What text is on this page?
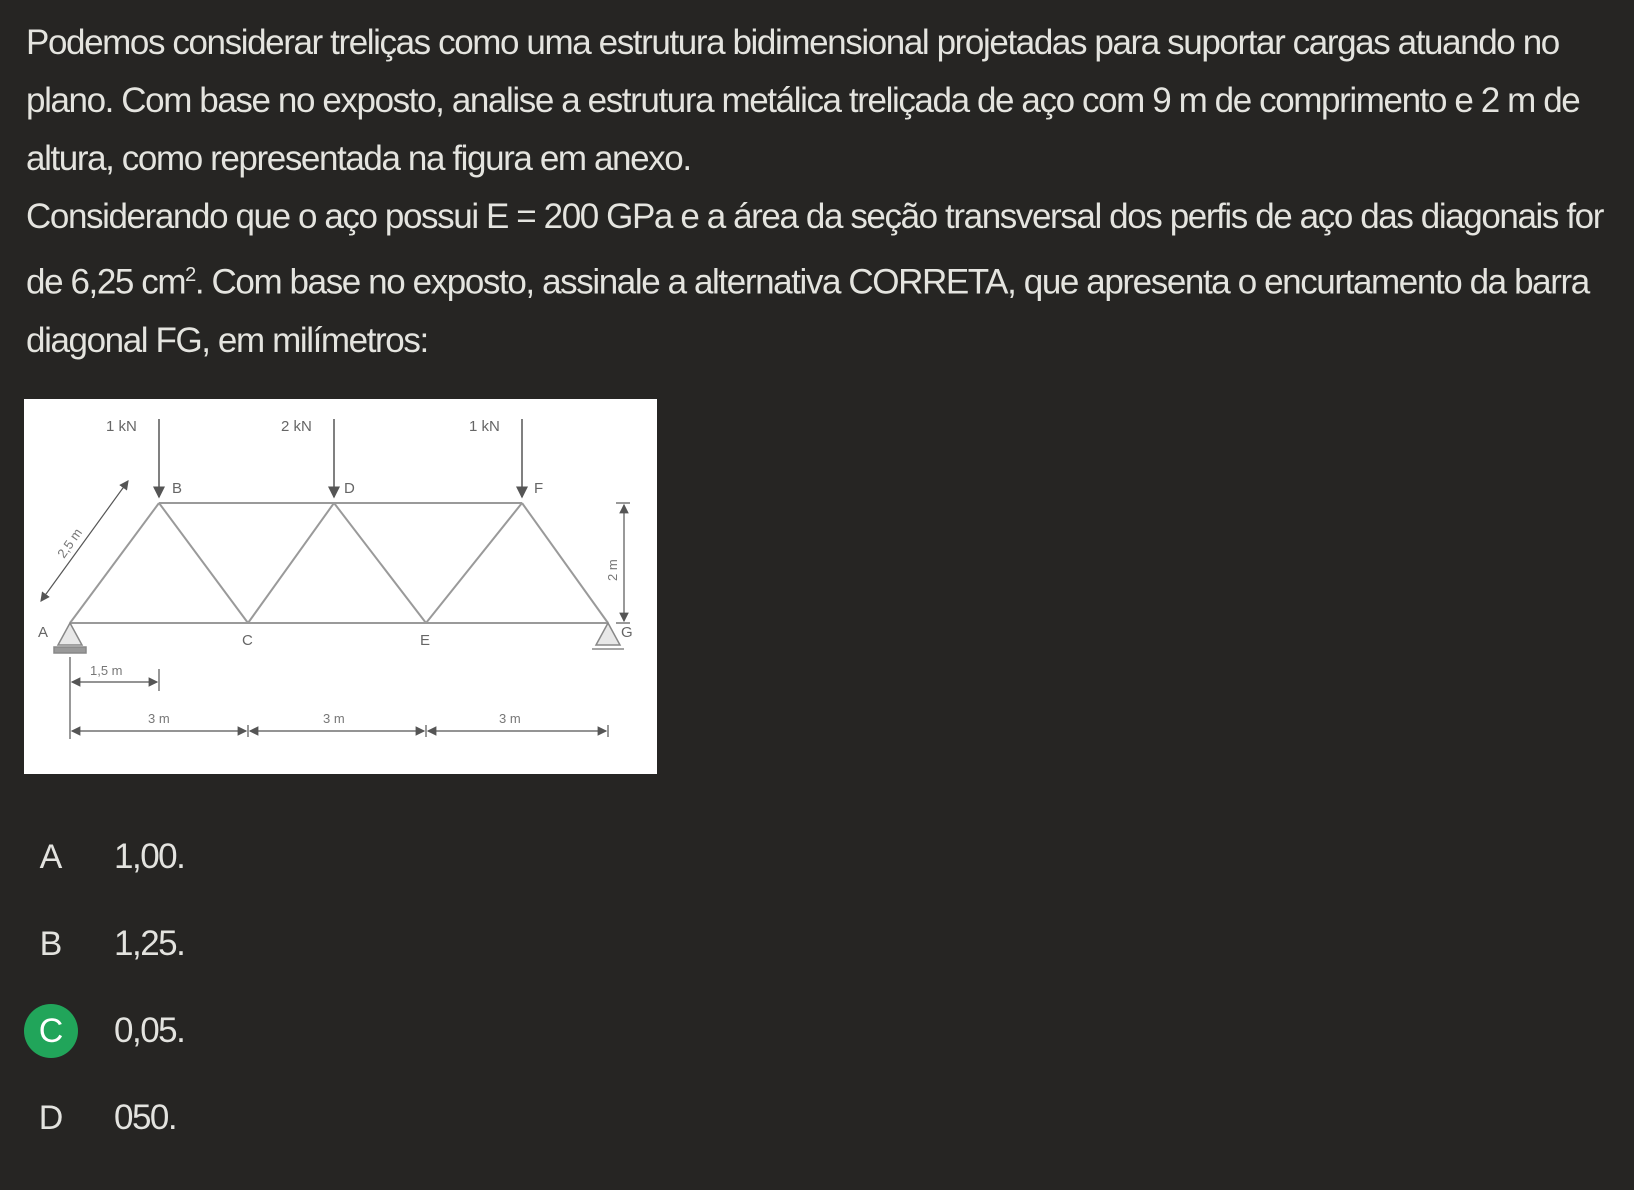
Podemos considerar treliças como uma estrutura bidimensional projetadas para suportar cargas atuando no plano. Com base no exposto, analise a estrutura metálica treliçada de aço com 9 m de comprimento e 2 m de altura, como representada na figura em anexo.

Considerando que o aço possui E = 200 GPa e a área da seção transversal dos perfis de aço das diagonais for de 6,25 $cm^2$. Com base no exposto, assinale a alternativa CORRETA, que apresenta o encurtamento da barra diagonal FG, em milímetros:

1 kN	2 kN	1 kN
B	D	F
A	C	E	G
2,5 m
2 m
1,5 m
3 m	3 m	3 m
A	1,00.
B	1,25.
C	0,05.
D	050.
